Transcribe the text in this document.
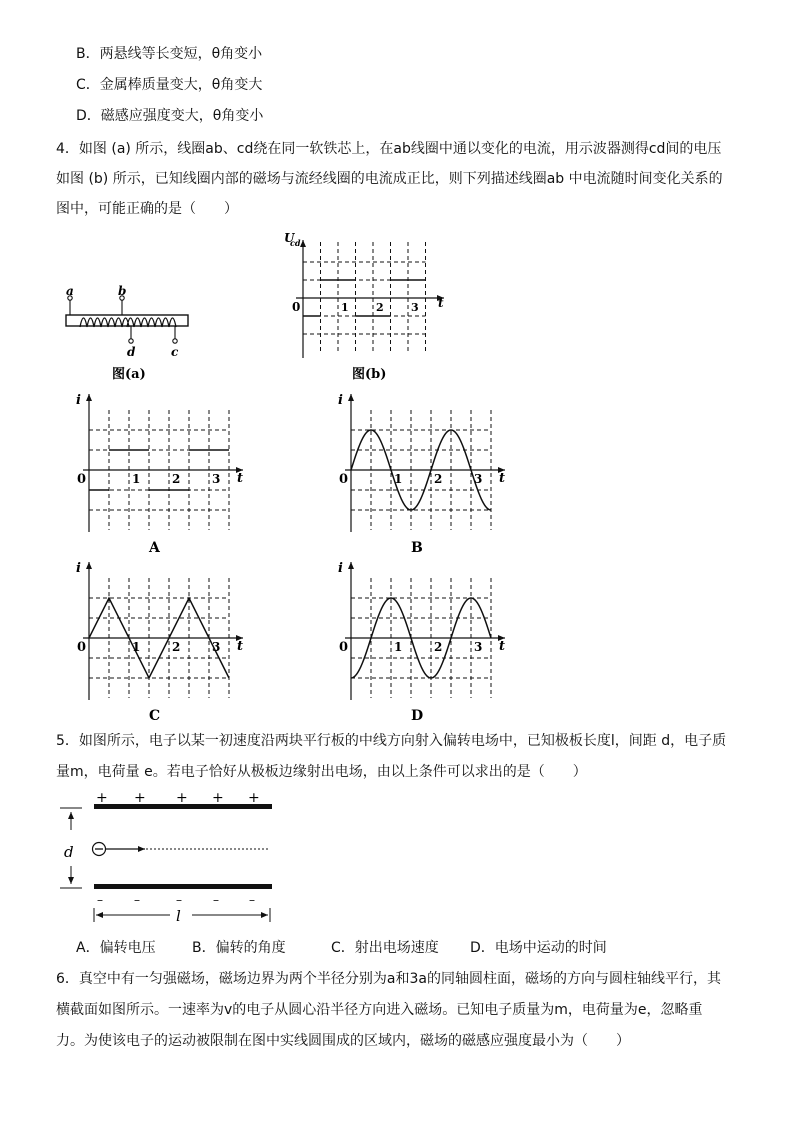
B．两悬线等长变短，θ角变小
C．金属棒质量变大，θ角变大
D．磁感应强度变大，θ角变小
4．如图 (a) 所示，线圈ab、cd绕在同一软铁芯上，在ab线圈中通以变化的电流，用示波器测得cd间的电压
如图 (b) 所示，已知线圈内部的磁场与流经线圈的电流成正比，则下列描述线圈ab 中电流随时间变化关系的
图中，可能正确的是（　　）
a	b
d	c
图(a)
U
cd
0	1 2 3 t
图(b)
i
t
0	1	2	3
A
i
t
0	1	2	3
B
i
t
0	1	2	3
C
i
t
0	1	2	3
D
+ + + + +
–	–	–	–	–
d
l
5．如图所示，电子以某一初速度沿两块平行板的中线方向射入偏转电场中，已知极板长度l，间距 d，电子质
量m，电荷量 e。若电子恰好从极板边缘射出电场，由以上条件可以求出的是（　　）
A．偏转电压	B．偏转的角度	C．射出电场速度	D．电场中运动的时间
6．真空中有一匀强磁场，磁场边界为两个半径分别为a和3a的同轴圆柱面，磁场的方向与圆柱轴线平行，其
横截面如图所示。一速率为v的电子从圆心沿半径方向进入磁场。已知电子质量为m，电荷量为e，忽略重
力。为使该电子的运动被限制在图中实线圆围成的区域内，磁场的磁感应强度最小为（　　）
